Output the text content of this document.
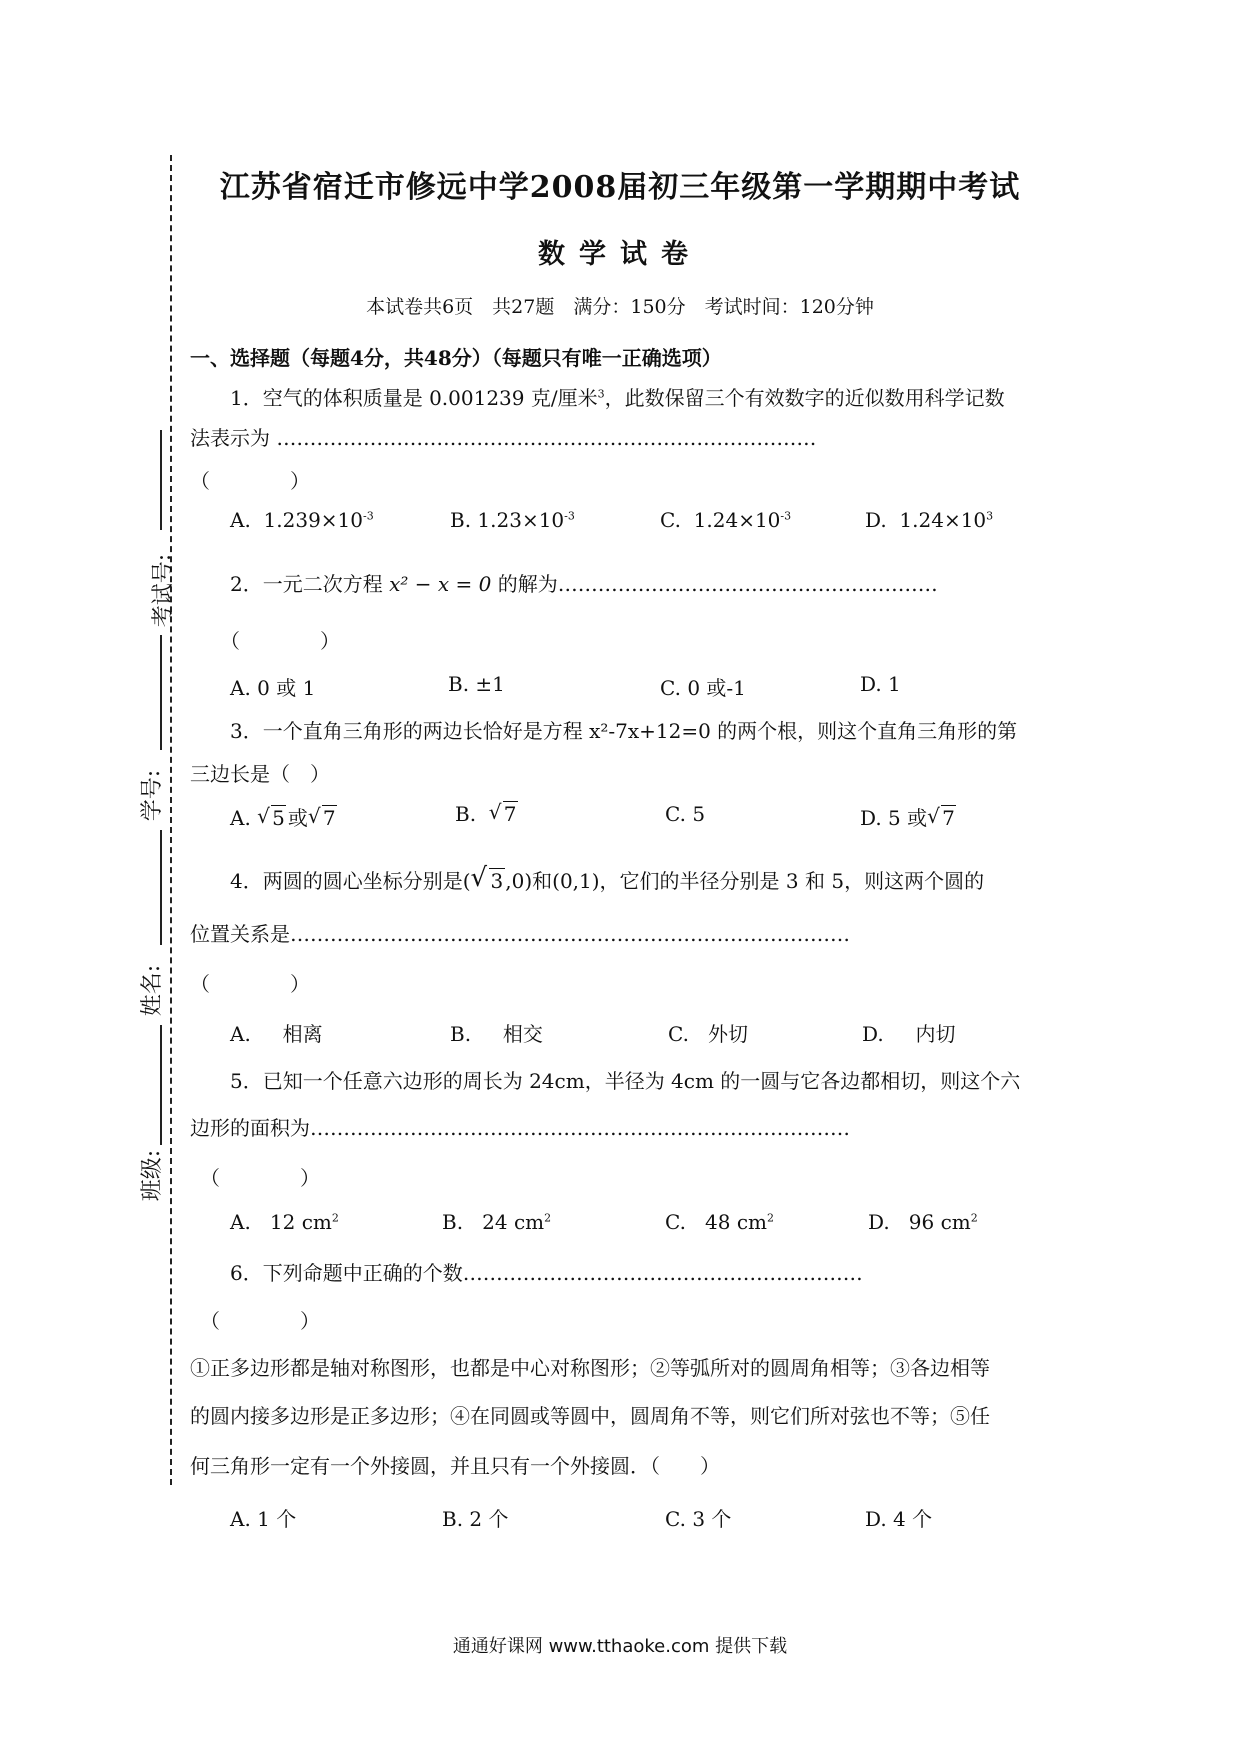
考试号:
学号:
姓名:
班级:
江苏省宿迁市修远中学2008届初三年级第一学期期中考试
数学试卷
本试卷共6页　共27题　满分：150分　考试时间：120分钟
一、选择题（每题4分，共48分）（每题只有唯一正确选项）
1．空气的体积质量是 0.001239 克/厘米$^3$，此数保留三个有效数字的近似数用科学记数
法表示为 ………………………………………………………………………
（　　　　）
A. $1.239\times 10^{-3}$	B. $1.23\times 10^{-3}$	C. $1.24\times 10^{-3}$	D. $1.24\times 10^3$
2．一元二次方程 x² − x = 0 的解为…………………………………………………
（　　　　）
A. 0 或 1	B. ±1	C. 0 或-1	D. 1
3．一个直角三角形的两边长恰好是方程 x²-7x+12=0 的两个根，则这个直角三角形的第
三边长是（　）
A. √ 5 或 √ 7	B. √ 7	C. 5	D. 5 或 √ 7
4．两圆的圆心坐标分别是( √ 3 ,0)和(0,1)，它们的半径分别是 3 和 5，则这两个圆的
位置关系是…………………………………………………………………………
（　　　　）
A. 相离	B. 相交	C. 外切	D. 内切
5．已知一个任意六边形的周长为 24cm，半径为 4cm 的一圆与它各边都相切，则这个六
边形的面积为………………………………………………………………………
（　　　　）
A. 12 $cm^2$	B. 24 $cm^2$	C. 48 $cm^2$	D. 96 $cm^2$
6．下列命题中正确的个数……………………………………………………
（　　　　）
①正多边形都是轴对称图形，也都是中心对称图形；②等弧所对的圆周角相等；③各边相等
的圆内接多边形是正多边形；④在同圆或等圆中，圆周角不等，则它们所对弦也不等；⑤任
何三角形一定有一个外接圆，并且只有一个外接圆．（　　）
A. 1 个	B. 2 个	C. 3 个	D. 4 个
通通好课网 www.tthaoke.com 提供下载
